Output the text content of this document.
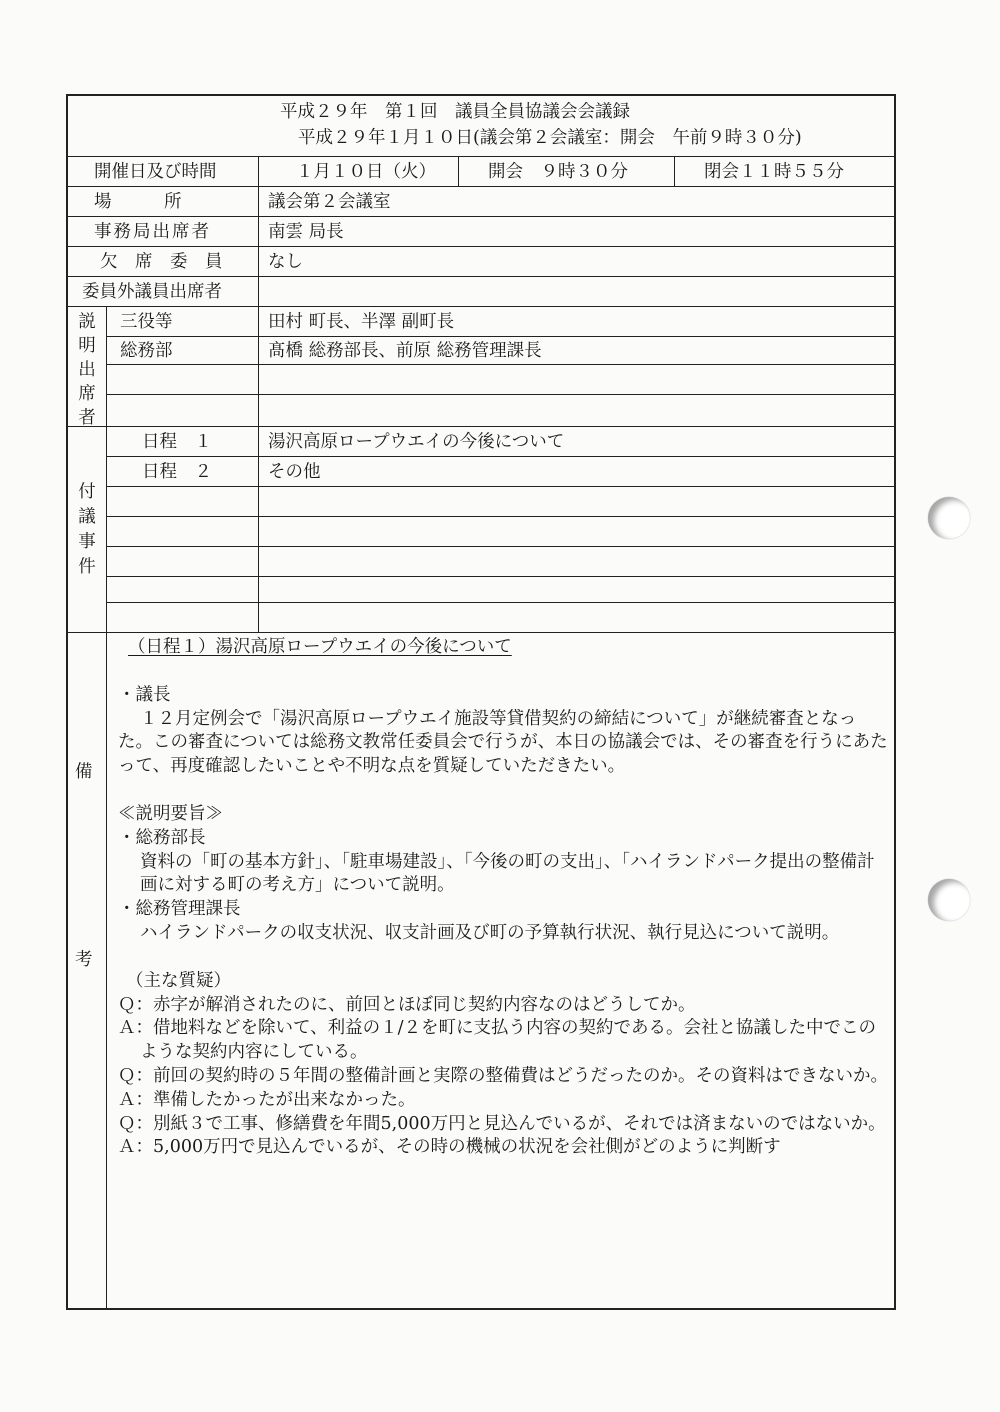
平成２９年　第１回　議員全員協議会会議録
平成２９年１月１０日(議会第２会議室：開会　午前９時３０分)
開催日及び時間	１月１０日（火）	開会　９時３０分	閉会１１時５５分
場　　　所	議会第２会議室
事務局出席者	南雲 局長
欠　席　委　員	なし
委員外議員出席者
説
明
出
席
者
三役等	田村 町長、半澤 副町長
総務部	髙橋 総務部長、前原 総務管理課長
付
議
事
件
日程　１	湯沢高原ロープウエイの今後について
日程　２	その他
備
考

（日程１）湯沢高原ロープウエイの今後について

・議長

１２月定例会で「湯沢高原ロープウエイ施設等貸借契約の締結について」が継続審査となった。この審査については総務文教常任委員会で行うが、本日の協議会では、その審査を行うにあたって、再度確認したいことや不明な点を質疑していただきたい。

≪説明要旨≫

・総務部長

資料の「町の基本方針」、「駐車場建設」、「今後の町の支出」、「ハイランドパーク提出の整備計画に対する町の考え方」について説明。

・総務管理課長

ハイランドパークの収支状況、収支計画及び町の予算執行状況、執行見込について説明。

（主な質疑）

Ｑ：赤字が解消されたのに、前回とほぼ同じ契約内容なのはどうしてか。

Ａ：借地料などを除いて、利益の１/２を町に支払う内容の契約である。会社と協議した中でこのような契約内容にしている。

Ｑ：前回の契約時の５年間の整備計画と実際の整備費はどうだったのか。その資料はできないか。

Ａ：準備したかったが出来なかった。

Ｑ：別紙３で工事、修繕費を年間5,000万円と見込んでいるが、それでは済まないのではないか。

Ａ：5,000万円で見込んでいるが、その時の機械の状況を会社側がどのように判断す
